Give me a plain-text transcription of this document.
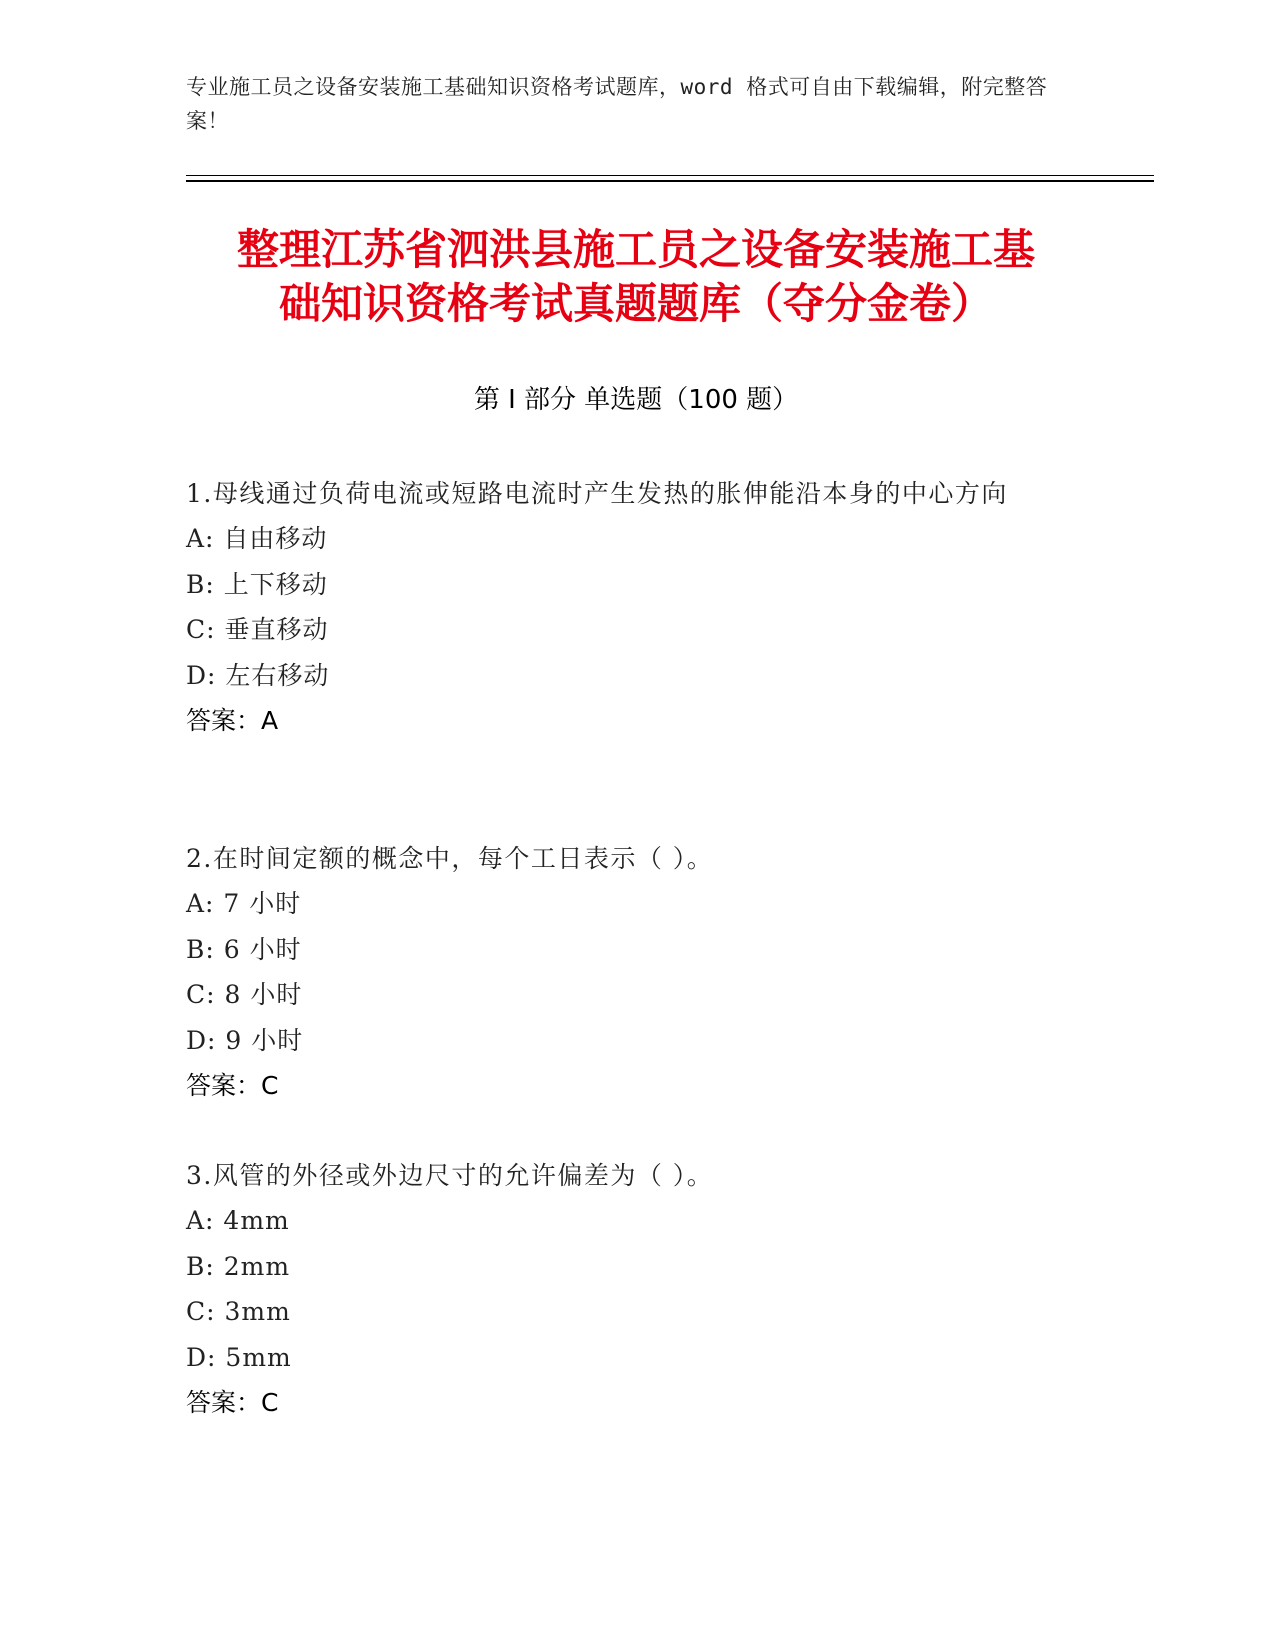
专业施工员之设备安装施工基础知识资格考试题库，word 格式可自由下载编辑，附完整答案！
整理江苏省泗洪县施工员之设备安装施工基
础知识资格考试真题题库（夺分金卷）
第 I 部分 单选题（100 题）
1.母线通过负荷电流或短路电流时产生发热的胀伸能沿本身的中心方向
A: 自由移动
B: 上下移动
C: 垂直移动
D: 左右移动
答案：A
2.在时间定额的概念中，每个工日表示（ ）。
A: 7 小时
B: 6 小时
C: 8 小时
D: 9 小时
答案：C
3.风管的外径或外边尺寸的允许偏差为（ ）。
A: 4mm
B: 2mm
C: 3mm
D: 5mm
答案：C
